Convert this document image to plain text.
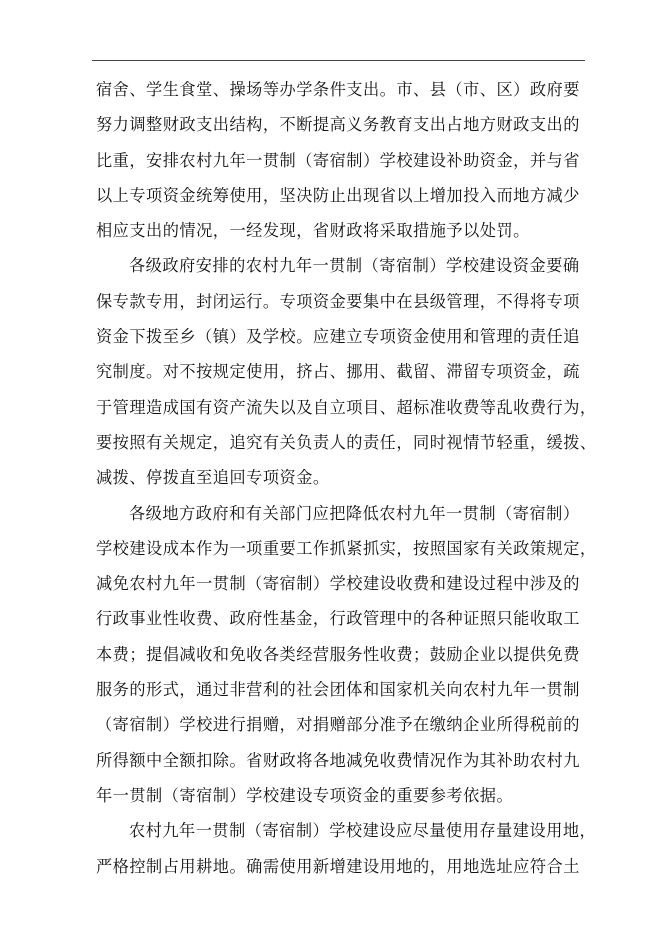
宿舍、学生食堂、操场等办学条件支出。市、县（市、区）政府要
努力调整财政支出结构，不断提高义务教育支出占地方财政支出的
比重，安排农村九年一贯制（寄宿制）学校建设补助资金，并与省
以上专项资金统筹使用，坚决防止出现省以上增加投入而地方减少
相应支出的情况，一经发现，省财政将采取措施予以处罚。
各级政府安排的农村九年一贯制（寄宿制）学校建设资金要确
保专款专用，封闭运行。专项资金要集中在县级管理，不得将专项
资金下拨至乡（镇）及学校。应建立专项资金使用和管理的责任追
究制度。对不按规定使用，挤占、挪用、截留、滞留专项资金，疏
于管理造成国有资产流失以及自立项目、超标准收费等乱收费行为，
要按照有关规定，追究有关负责人的责任，同时视情节轻重，缓拨、
减拨、停拨直至追回专项资金。
各级地方政府和有关部门应把降低农村九年一贯制（寄宿制）
学校建设成本作为一项重要工作抓紧抓实，按照国家有关政策规定，
减免农村九年一贯制（寄宿制）学校建设收费和建设过程中涉及的
行政事业性收费、政府性基金，行政管理中的各种证照只能收取工
本费；提倡减收和免收各类经营服务性收费；鼓励企业以提供免费
服务的形式，通过非营利的社会团体和国家机关向农村九年一贯制
（寄宿制）学校进行捐赠，对捐赠部分准予在缴纳企业所得税前的
所得额中全额扣除。省财政将各地减免收费情况作为其补助农村九
年一贯制（寄宿制）学校建设专项资金的重要参考依据。
农村九年一贯制（寄宿制）学校建设应尽量使用存量建设用地，
严格控制占用耕地。确需使用新增建设用地的，用地选址应符合土
